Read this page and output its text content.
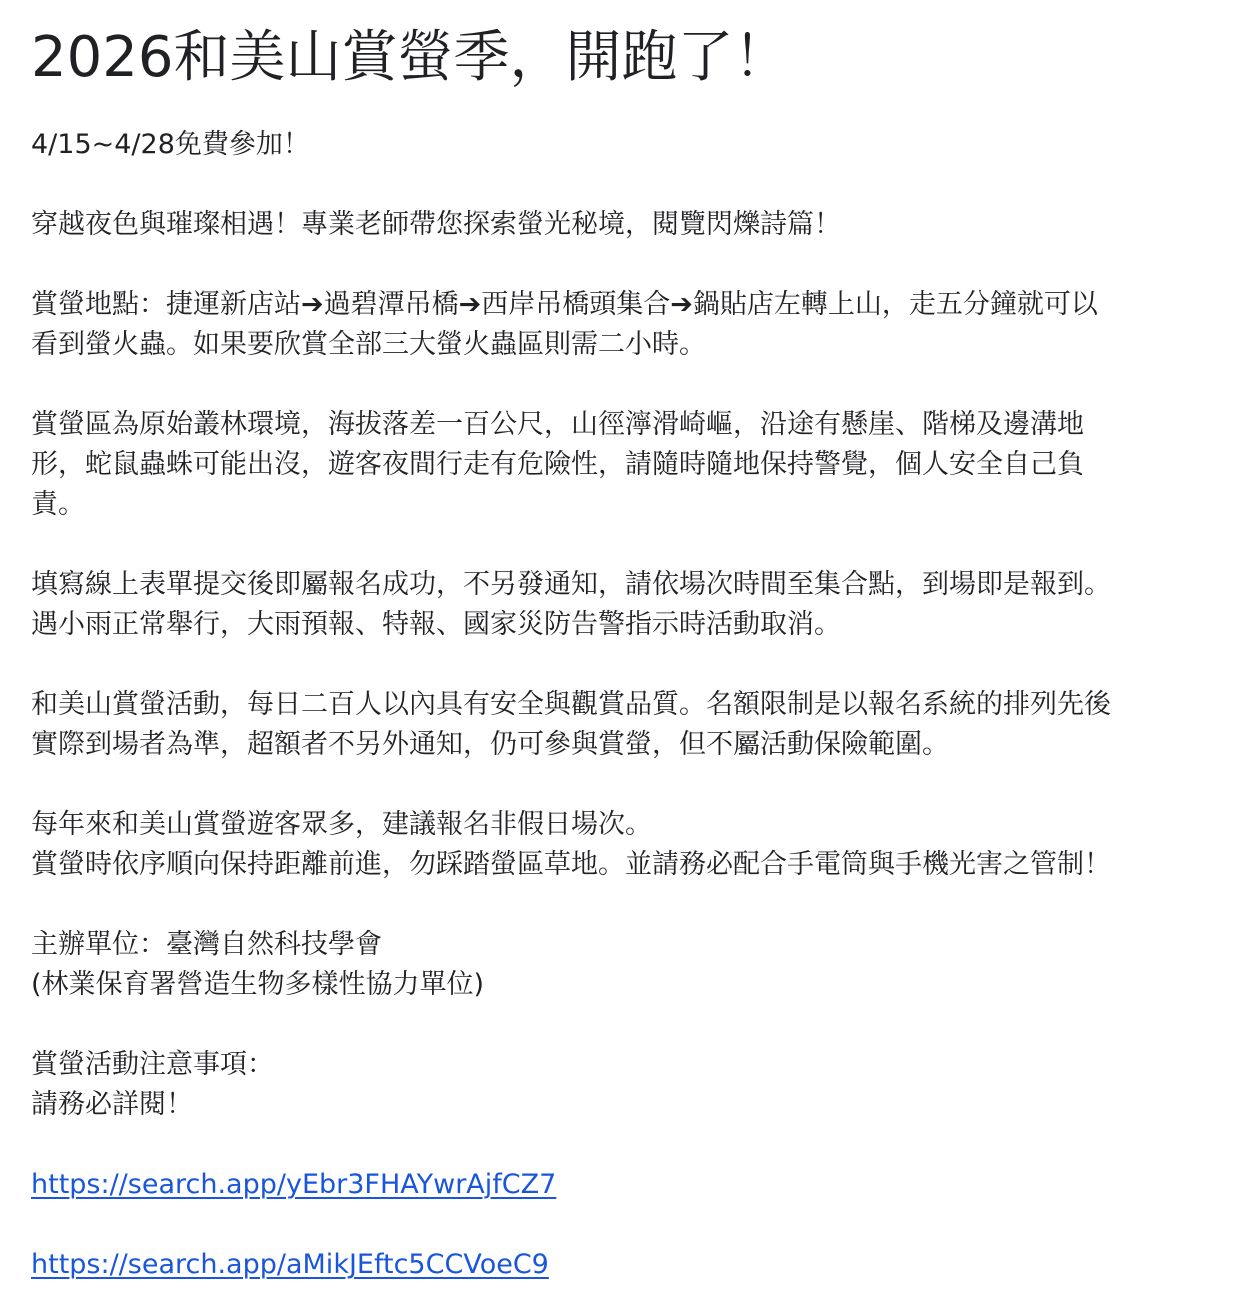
2026和美山賞螢季，開跑了！
4/15~4/28免費參加！
穿越夜色與璀璨相遇！專業老師帶您探索螢光秘境，閱覽閃爍詩篇！
賞螢地點：捷運新店站➔過碧潭吊橋➔西岸吊橋頭集合➔鍋貼店左轉上山，走五分鐘就可以
看到螢火蟲。如果要欣賞全部三大螢火蟲區則需二小時。
賞螢區為原始叢林環境，海拔落差一百公尺，山徑濘滑崎嶇，沿途有懸崖、階梯及邊溝地
形，蛇鼠蟲蛛可能出沒，遊客夜間行走有危險性，請隨時隨地保持警覺，個人安全自己負
責。
填寫線上表單提交後即屬報名成功，不另發通知，請依場次時間至集合點，到場即是報到。
遇小雨正常舉行，大雨預報、特報、國家災防告警指示時活動取消。
和美山賞螢活動，每日二百人以內具有安全與觀賞品質。名額限制是以報名系統的排列先後
實際到場者為準，超額者不另外通知，仍可參與賞螢，但不屬活動保險範圍。
每年來和美山賞螢遊客眾多，建議報名非假日場次。
賞螢時依序順向保持距離前進，勿踩踏螢區草地。並請務必配合手電筒與手機光害之管制！
主辦單位：臺灣自然科技學會
(林業保育署營造生物多樣性協力單位)
賞螢活動注意事項：
請務必詳閱！
https://search.app/yEbr3FHAYwrAjfCZ7
https://search.app/aMikJEftc5CCVoeC9
